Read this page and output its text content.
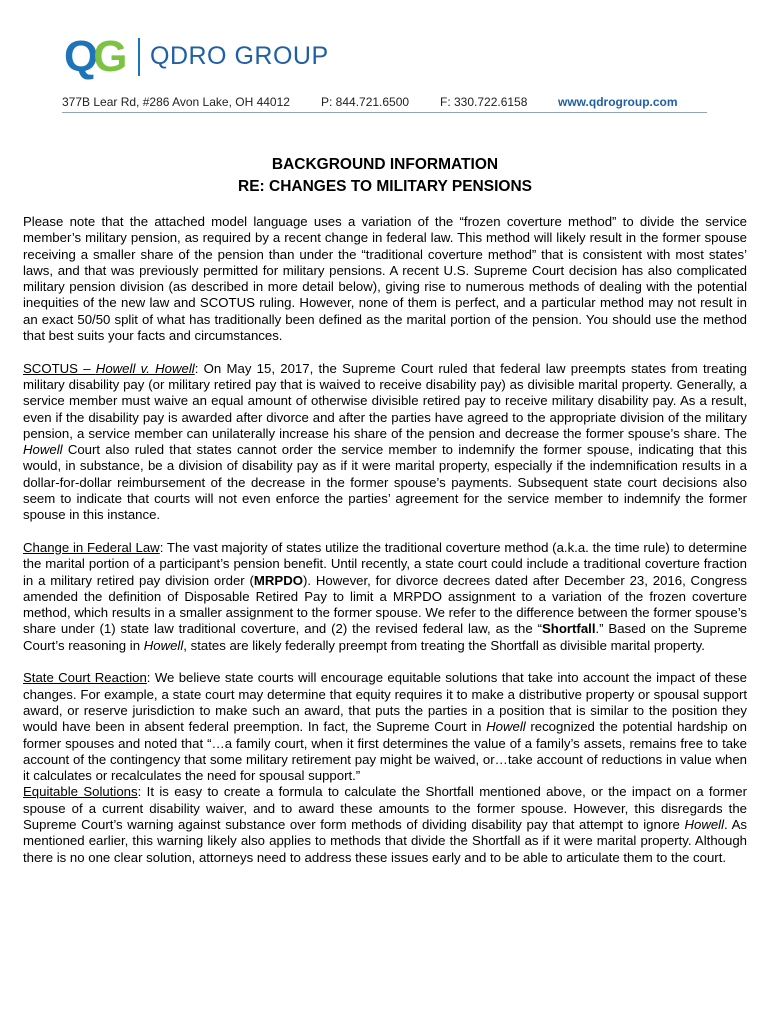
QG QDRO GROUP
377B Lear Rd, #286 Avon Lake, OH 44012	P: 844.721.6500	F: 330.722.6158	www.qdrogroup.com
BACKGROUND INFORMATION
RE: CHANGES TO MILITARY PENSIONS

Please note that the attached model language uses a variation of the “frozen coverture method” to divide the service member’s military pension, as required by a recent change in federal law. This method will likely result in the former spouse receiving a smaller share of the pension than under the “traditional coverture method” that is consistent with most states’ laws, and that was previously permitted for military pensions. A recent U.S. Supreme Court decision has also complicated military pension division (as described in more detail below), giving rise to numerous methods of dealing with the potential inequities of the new law and SCOTUS ruling. However, none of them is perfect, and a particular method may not result in an exact 50/50 split of what has traditionally been defined as the marital portion of the pension. You should use the method that best suits your facts and circumstances.

SCOTUS – Howell v. Howell: On May 15, 2017, the Supreme Court ruled that federal law preempts states from treating military disability pay (or military retired pay that is waived to receive disability pay) as divisible marital property. Generally, a service member must waive an equal amount of otherwise divisible retired pay to receive military disability pay. As a result, even if the disability pay is awarded after divorce and after the parties have agreed to the appropriate division of the military pension, a service member can unilaterally increase his share of the pension and decrease the former spouse’s share. The Howell Court also ruled that states cannot order the service member to indemnify the former spouse, indicating that this would, in substance, be a division of disability pay as if it were marital property, especially if the indemnification results in a dollar-for-dollar reimbursement of the decrease in the former spouse’s payments. Subsequent state court decisions also seem to indicate that courts will not even enforce the parties’ agreement for the service member to indemnify the former spouse in this instance.

Change in Federal Law: The vast majority of states utilize the traditional coverture method (a.k.a. the time rule) to determine the marital portion of a participant’s pension benefit. Until recently, a state court could include a traditional coverture fraction in a military retired pay division order (MRPDO). However, for divorce decrees dated after December 23, 2016, Congress amended the definition of Disposable Retired Pay to limit a MRPDO assignment to a variation of the frozen coverture method, which results in a smaller assignment to the former spouse. We refer to the difference between the former spouse’s share under (1) state law traditional coverture, and (2) the revised federal law, as the “Shortfall.” Based on the Supreme Court’s reasoning in Howell, states are likely federally preempt from treating the Shortfall as divisible marital property.

State Court Reaction: We believe state courts will encourage equitable solutions that take into account the impact of these changes. For example, a state court may determine that equity requires it to make a distributive property or spousal support award, or reserve jurisdiction to make such an award, that puts the parties in a position that is similar to the position they would have been in absent federal preemption. In fact, the Supreme Court in Howell recognized the potential hardship on former spouses and noted that “…a family court, when it first determines the value of a family’s assets, remains free to take account of the contingency that some military retirement pay might be waived, or…take account of reductions in value when it calculates or recalculates the need for spousal support.”

Equitable Solutions: It is easy to create a formula to calculate the Shortfall mentioned above, or the impact on a former spouse of a current disability waiver, and to award these amounts to the former spouse. However, this disregards the Supreme Court’s warning against substance over form methods of dividing disability pay that attempt to ignore Howell. As mentioned earlier, this warning likely also applies to methods that divide the Shortfall as if it were marital property. Although there is no one clear solution, attorneys need to address these issues early and to be able to articulate them to the court.
